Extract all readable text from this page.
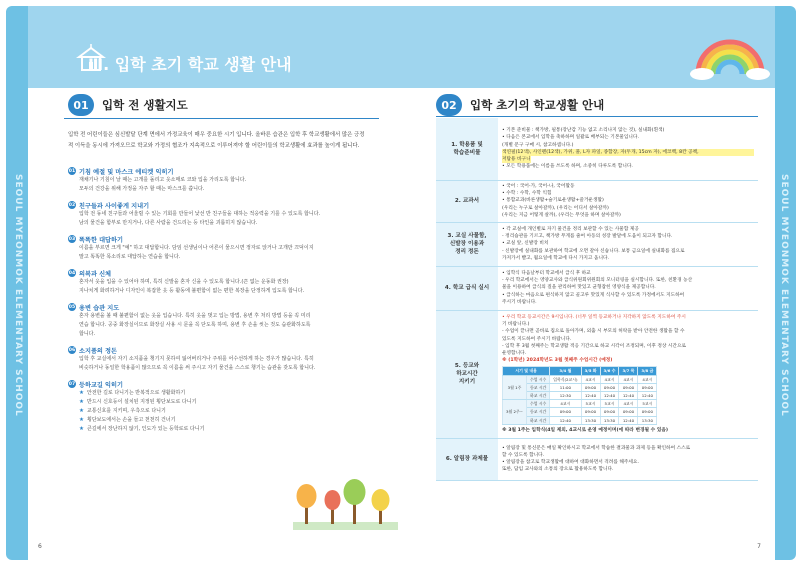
SEOUL MYEONMOK ELEMENTARY SCHOOL	SEOUL MYEONMOK ELEMENTARY SCHOOL
Ⅲ. 입학 초기 학교 생활 안내
01	입학 전 생활지도
입학 전 어린이들은 심신발달 단계 면에서 가정교육이 매우 중요한 시기 입니다. 올바른 습관은 입학 후 학교생활에서 많은 긍정적 이득을 동시에 가져오므로 학교와 가정의 협조가 지속적으로 이루어져야 할 어린이들의 학교생활에 효과를 높이게 됩니다.
01 기침 예절 및 마스크 에티켓 익히기
재채기나 기침이 날 때는 고개를 돌리고 옷소매로 코와 입을 가리도록 합니다.
모두의 건강을 위해 가정을 자주 할 때는 마스크를 씁니다.
02 친구들과 사이좋게 지내기
입학 전 동네 친구들과 어울릴 수 있는 기회를 만들어 낯선 반 친구들을 대하는 적응력을 기를 수 있도록 합니다.
남의 물건을 함부로 만지거나, 다른 사람을 건드리는 등 타인을 괴롭히지 않습니다.
03 똑똑한 대답하기
이름을 부르면 크게 "예" 하고 대답합니다. 담임 선생님이나 어른이 물으시면 정자로 앉거나 고개만 끄덕이지
말고 똑똑한 목소리로 대답하는 연습을 합니다.
04 의복과 신체
혼자서 옷을 입을 수 있어야 하며, 특히 신발을 혼자 신을 수 있도록 합니다.(끈 없는 운동화 권장)
지나치게 화려하거나 디자인이 복잡한 옷 등 활동에 불편함이 없는 편한 복장을 단정하게 입도록 합니다.
05 용변 습관 지도
혼자 용변을 볼 때 불편함이 없는 옷을 입습니다. 특히 옷을 벗고 입는 방법, 용변 후 처리 방법 등을 꼭 미리
연습 합니다. 공중 화장실이므로 화장실 사용 시 문을 꼭 닫도록 하며, 용변 후 손을 씻는 것도 습관화하도록
합니다.
06 소지품의 정돈
입학 후 교실에서 자기 소지품을 챙기지 못하여 잃어버리거나 주위를 어수선하게 하는 경우가 많습니다. 특히
비슷하거나 동일한 학용품이 많으므로 꼭 이름을 써 주시고 자기 물건을 스스로 챙기는 습관을 갖도록 합니다.
07 등하교길 익히기
★ 안전한 길로 다니기는 반복적으로 생활화하기
★ 반드시 신호등이 설치된 지정된 횡단보도로 다니기
★ 교통신호를 지키며, 우측으로 다니기
★ 횡단보도에서는 손을 들고 천천히 건너기
★ 큰길에서 장난하지 않기, 인도가 있는 등학로로 다니기
6
02	입학 초기의 학교생활 안내
1. 학용품 및
학습준비물	
• 기본 준비물 : 책가방, 필통(장난감 기능 없고 소리나지 않는 것), 실내화(흰색)
• 다음은 본교에서 입학을 축하하며 일괄로 배부되는 기본물입니다.
(개별 문구 구매 시, 참고하셉니다.)
색연필(12색), 사인펜(12색), 가위, 풀, L자 파일, 종합장, 자(두개, 15cm 자), 에코백, 8칸 공책,
저탐용 바구니
• 모든 학용품에는 이름을 쓰도록 하며, 소중히 다루도록 합니다.

2. 교과서	
• 국어 : 국어-가, 국어-나, 국어활동
• 수학 : 수학, 수학 익힘
• 통합교과(바른생활+슬기로운생활+즐거운생활)
(우리는 누구로 살아갈까), (우리는 어디서 살아갈까)
(우리는 지금 어떻게 살까), (우리는 무엇을 하며 살아갈까)

3. 교실 사물함,
신발장 이용과
정리 정돈	
• 각 교실에 개인별로 자기 물건을 정리 보관할 수 있는 사물함 제공
- 정리습관을 기르고, 책가방 무게를 줄여 아동의 성장 발달에 도움이 되고자 합니다.
• 교실 앞, 신발장 비치
- 신발장에 실내화를 보관하여 학교에 오면 갈아 신습니다. 보통 금요일에 실내화를 집으로
가져가서 빨고, 월요일에 학교에 다시 가지고 옵니다.

4. 학교 급식 실시	
• 입학식 다음날부터 학교에서 급식 후 하교
- 우리 학교에서는 영양교사와 급식위원회위원회의 모니터링을 실시합니다. 또한, 친환경 농산
물을 이용하여 급식의 질을 관리하여 맛있고 균형잡힌 영양식을 제공합니다.
• 급식하는 마음으로 편식하지 않고 골고루 맛있게 식사할 수 있도록 가정에서도 지도하여
주시기 바랍니다.

5. 등교와
하교시간
지키기	
• 우리 학교 등교시간은 9시입니다. (너무 일찍 등교하거나 지각하지 않도록 지도하여 주시
기 바랍니다.)
- 수업이 끝나면 곧바로 집으로 돌아가며, 외출 시 부모의 허락을 받아 안전한 생활을 할 수
있도록 지도하여 주시기 바랍니다.
- 입학 후 3월 첫째주는 학교생활 적응 기간으로 하교 시각이 조정되며, 이후 정상 시간으로
운영합니다.
※ (1학년) 2024학년도 3월 첫째주 수업시간 (예정)
시기 및 내용	3/4 월	3/5 화	3/6 수	3/7 목	3/8 금
3월 1주	수업 시수	입학식(2교시)	4교시	4교시	4교시	4교시
등교 시간	11:00	09:00	09:00	09:00	09:00
하교 시간	12:30	12:40	12:40	12:40	12:40
3월 2주~	수업 시수	4교시	5교시	5교시	4교시	5교시
등교 시간	09:00	09:00	09:00	09:00	09:00
하교 시간	12:40	13:30	13:30	12:40	13:30
※ 3월 1주는 입학식(4일 제외, 4교시로 운영 예정이며(에 따라 변경될 수 있음)

6. 알림장 과제물	
• 알림장 및 통신문은 매일 확인하시고 학교에서 학습한 결과물과 과제 등을 확인하여 스스로
할 수 있도록 합니다.
• 알림장을 참고로 학교생활에 대하여 대화하면서 격려를 해주세요.
또한, 담임 교사와의 소통의 장으로 활용하도록 합니다.
7
